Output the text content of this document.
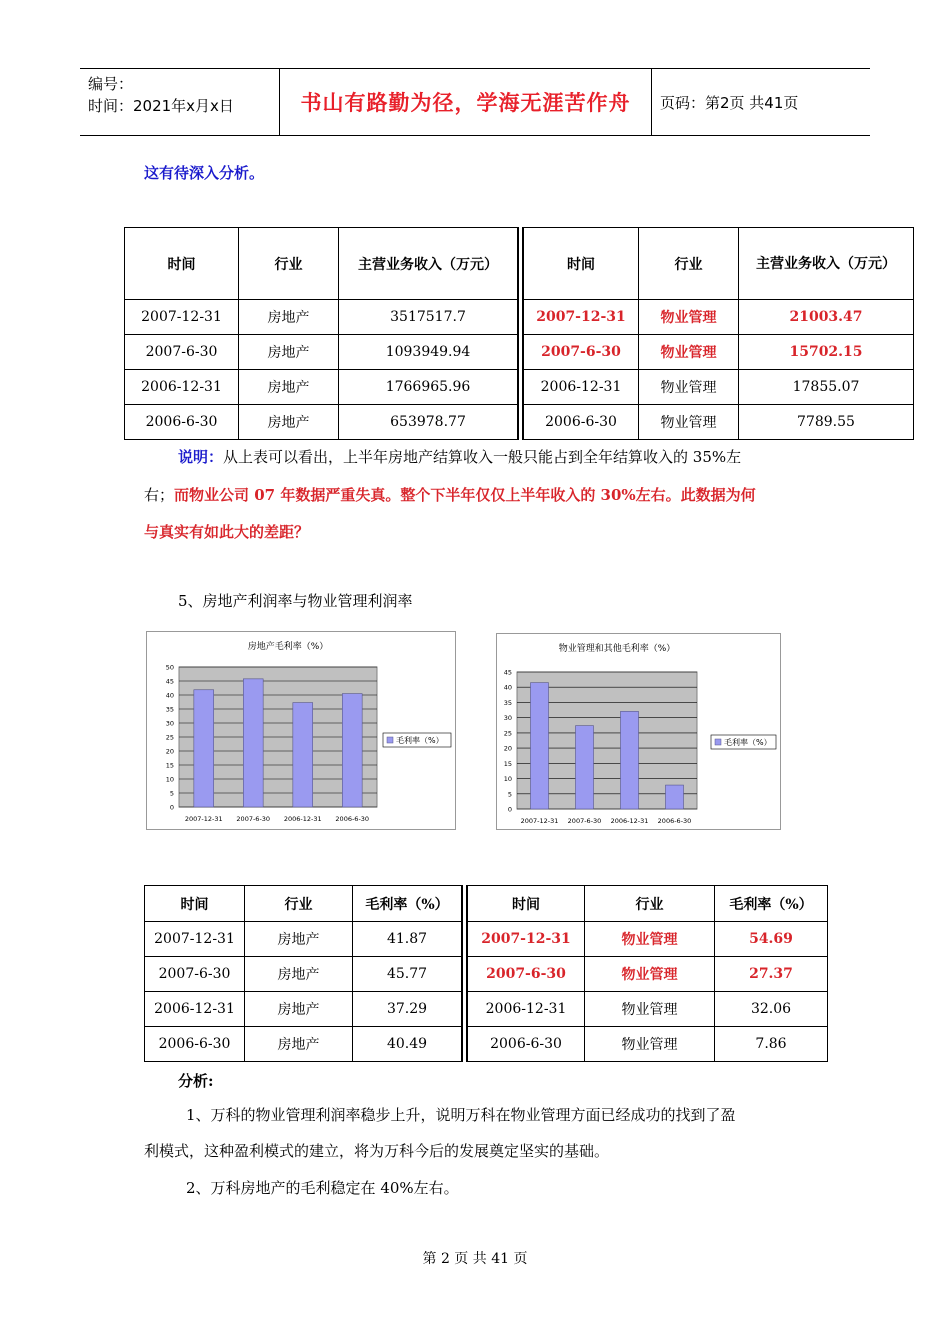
编号：
时间：2021年x月x日	书山有路勤为径，学海无涯苦作舟	页码：第2页 共41页
这有待深入分析。
时间	行业	主营业务收入（万元）	时间	行业	主营业务收入（万元）
2007-12-31	房地产	3517517.7	2007-12-31	物业管理	21003.47
2007-6-30	房地产	1093949.94	2007-6-30	物业管理	15702.15
2006-12-31	房地产	1766965.96	2006-12-31	物业管理	17855.07
2006-6-30	房地产	653978.77	2006-6-30	物业管理	7789.55
说明：从上表可以看出，上半年房地产结算收入一般只能占到全年结算收入的 35%左
右；而物业公司 07 年数据严重失真。整个下半年仅仅上半年收入的 30%左右。此数据为何
与真实有如此大的差距？
5、房地产利润率与物业管理利润率
房地产毛利率（%）
0
5
10
15
20
25
30
35
40
45
50
2007-12-31 2007-6-30 2006-12-31 2006-6-30
毛利率（%）
物业管理和其他毛利率（%）
0
5
10
15
20
25
30
35
40
45
2007-12-31 2007-6-30 2006-12-31 2006-6-30
毛利率（%）
时间	行业	毛利率（%）	时间	行业	毛利率（%）
2007-12-31	房地产	41.87	2007-12-31	物业管理	54.69
2007-6-30	房地产	45.77	2007-6-30	物业管理	27.37
2006-12-31	房地产	37.29	2006-12-31	物业管理	32.06
2006-6-30	房地产	40.49	2006-6-30	物业管理	7.86
分析:
1、万科的物业管理利润率稳步上升，说明万科在物业管理方面已经成功的找到了盈
利模式，这种盈利模式的建立，将为万科今后的发展奠定坚实的基础。
2、万科房地产的毛利稳定在 40%左右。
第 2 页 共 41 页
